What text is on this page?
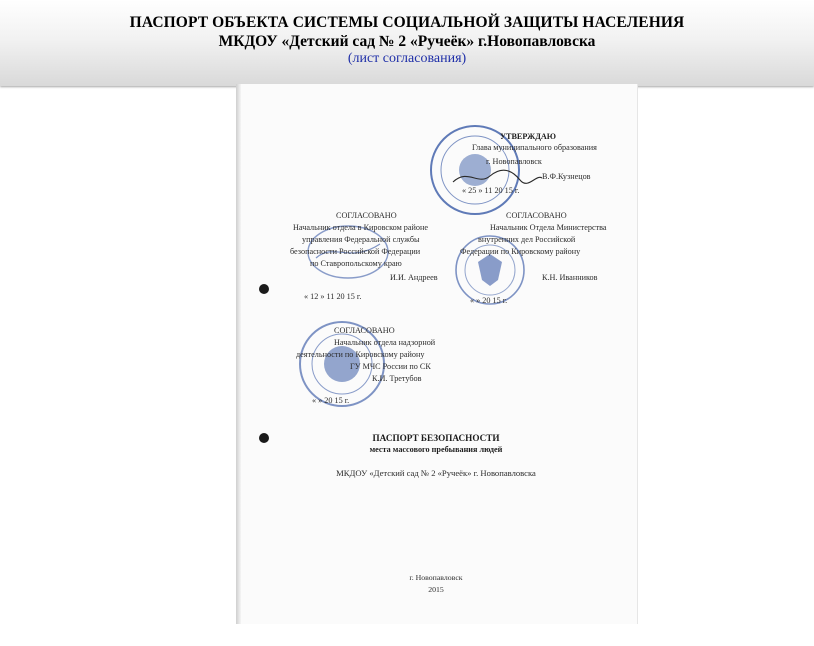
ПАСПОРТ ОБЪЕКТА СИСТЕМЫ СОЦИАЛЬНОЙ ЗАЩИТЫ НАСЕЛЕНИЯ
МКДОУ «Детский сад № 2 «Ручеёк» г.Новопавловска
(лист согласования)
УТВЕРЖДАЮ
Глава муниципального образования
г. Новопавловск
В.Ф.Кузнецов
« 25 » 11 20 15 г.
СОГЛАСОВАНО
Начальник отдела в Кировском районе
управления Федеральной службы
безопасности Российской Федерации
по Ставропольскому краю
И.И. Андреев
« 12 » 11 20 15 г.
СОГЛАСОВАНО
Начальник Отдела Министерства
внутренних дел Российской
Федерации по Кировскому району
К.Н. Иванников
« » 20 15 г.
СОГЛАСОВАНО
Начальник отдела надзорной
деятельности по Кировскому району
ГУ МЧС России по СК
К.И. Третубов
« » 20 15 г.
ПАСПОРТ БЕЗОПАСНОСТИ
места массового пребывания людей
МКДОУ «Детский сад № 2 «Ручеёк» г. Новопавловска
г. Новопавловск
2015
